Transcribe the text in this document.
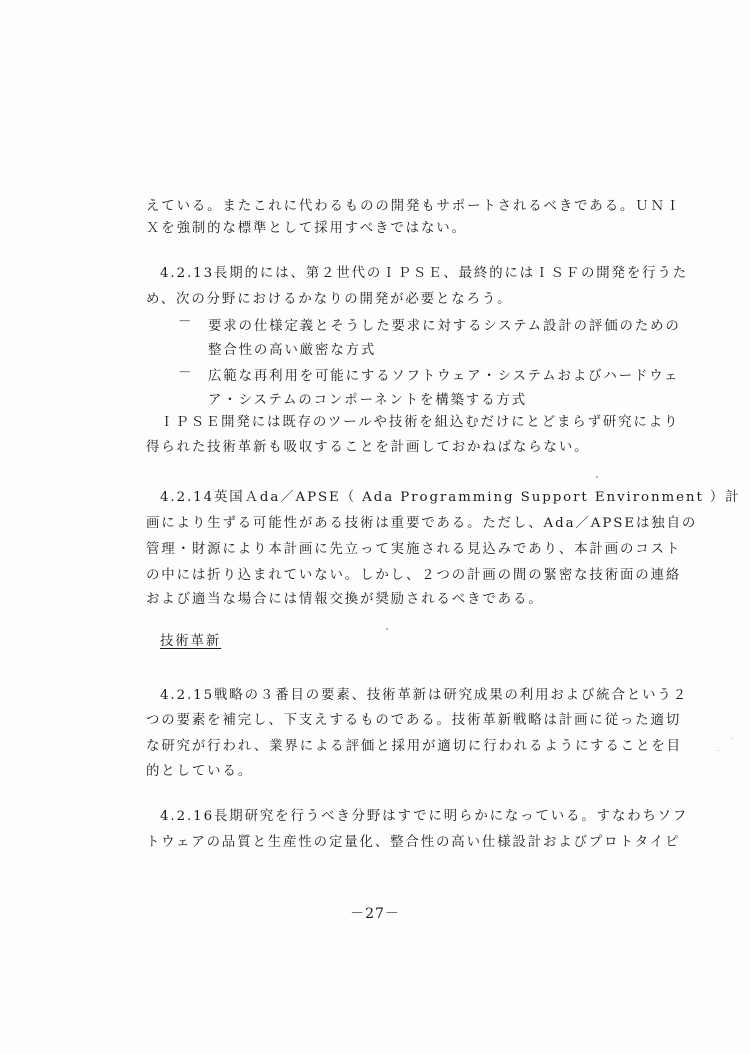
えている。またこれに代わるものの開発もサポートされるべきである。ＵＮＩ
Ｘを強制的な標準として採用すべきではない。
4.2.13長期的には、第２世代のＩＰＳＥ、最終的にはＩＳＦの開発を行うた
め、次の分野におけるかなりの開発が必要となろう。
－ 要求の仕様定義とそうした要求に対するシステム設計の評価のための
整合性の高い厳密な方式
－ 広範な再利用を可能にするソフトウェア・システムおよびハードウェ
ア・システムのコンポーネントを構築する方式
ＩＰＳＥ開発には既存のツールや技術を組込むだけにとどまらず研究により
得られた技術革新も吸収することを計画しておかねばならない。
4.2.14英国Ａda／APSE（ Ada Programming Support Environment ）計
画により生ずる可能性がある技術は重要である。ただし、Ada／APSEは独自の
管理・財源により本計画に先立って実施される見込みであり、本計画のコスト
の中には折り込まれていない。しかし、２つの計画の間の緊密な技術面の連絡
および適当な場合には情報交換が奨励されるべきである。
技術革新
4.2.15戦略の３番目の要素、技術革新は研究成果の利用および統合という２
つの要素を補完し、下支えするものである。技術革新戦略は計画に従った適切
な研究が行われ、業界による評価と採用が適切に行われるようにすることを目
的としている。
4.2.16長期研究を行うべき分野はすでに明らかになっている。すなわちソフ
トウェアの品質と生産性の定量化、整合性の高い仕様設計およびプロトタイピ
－27－
